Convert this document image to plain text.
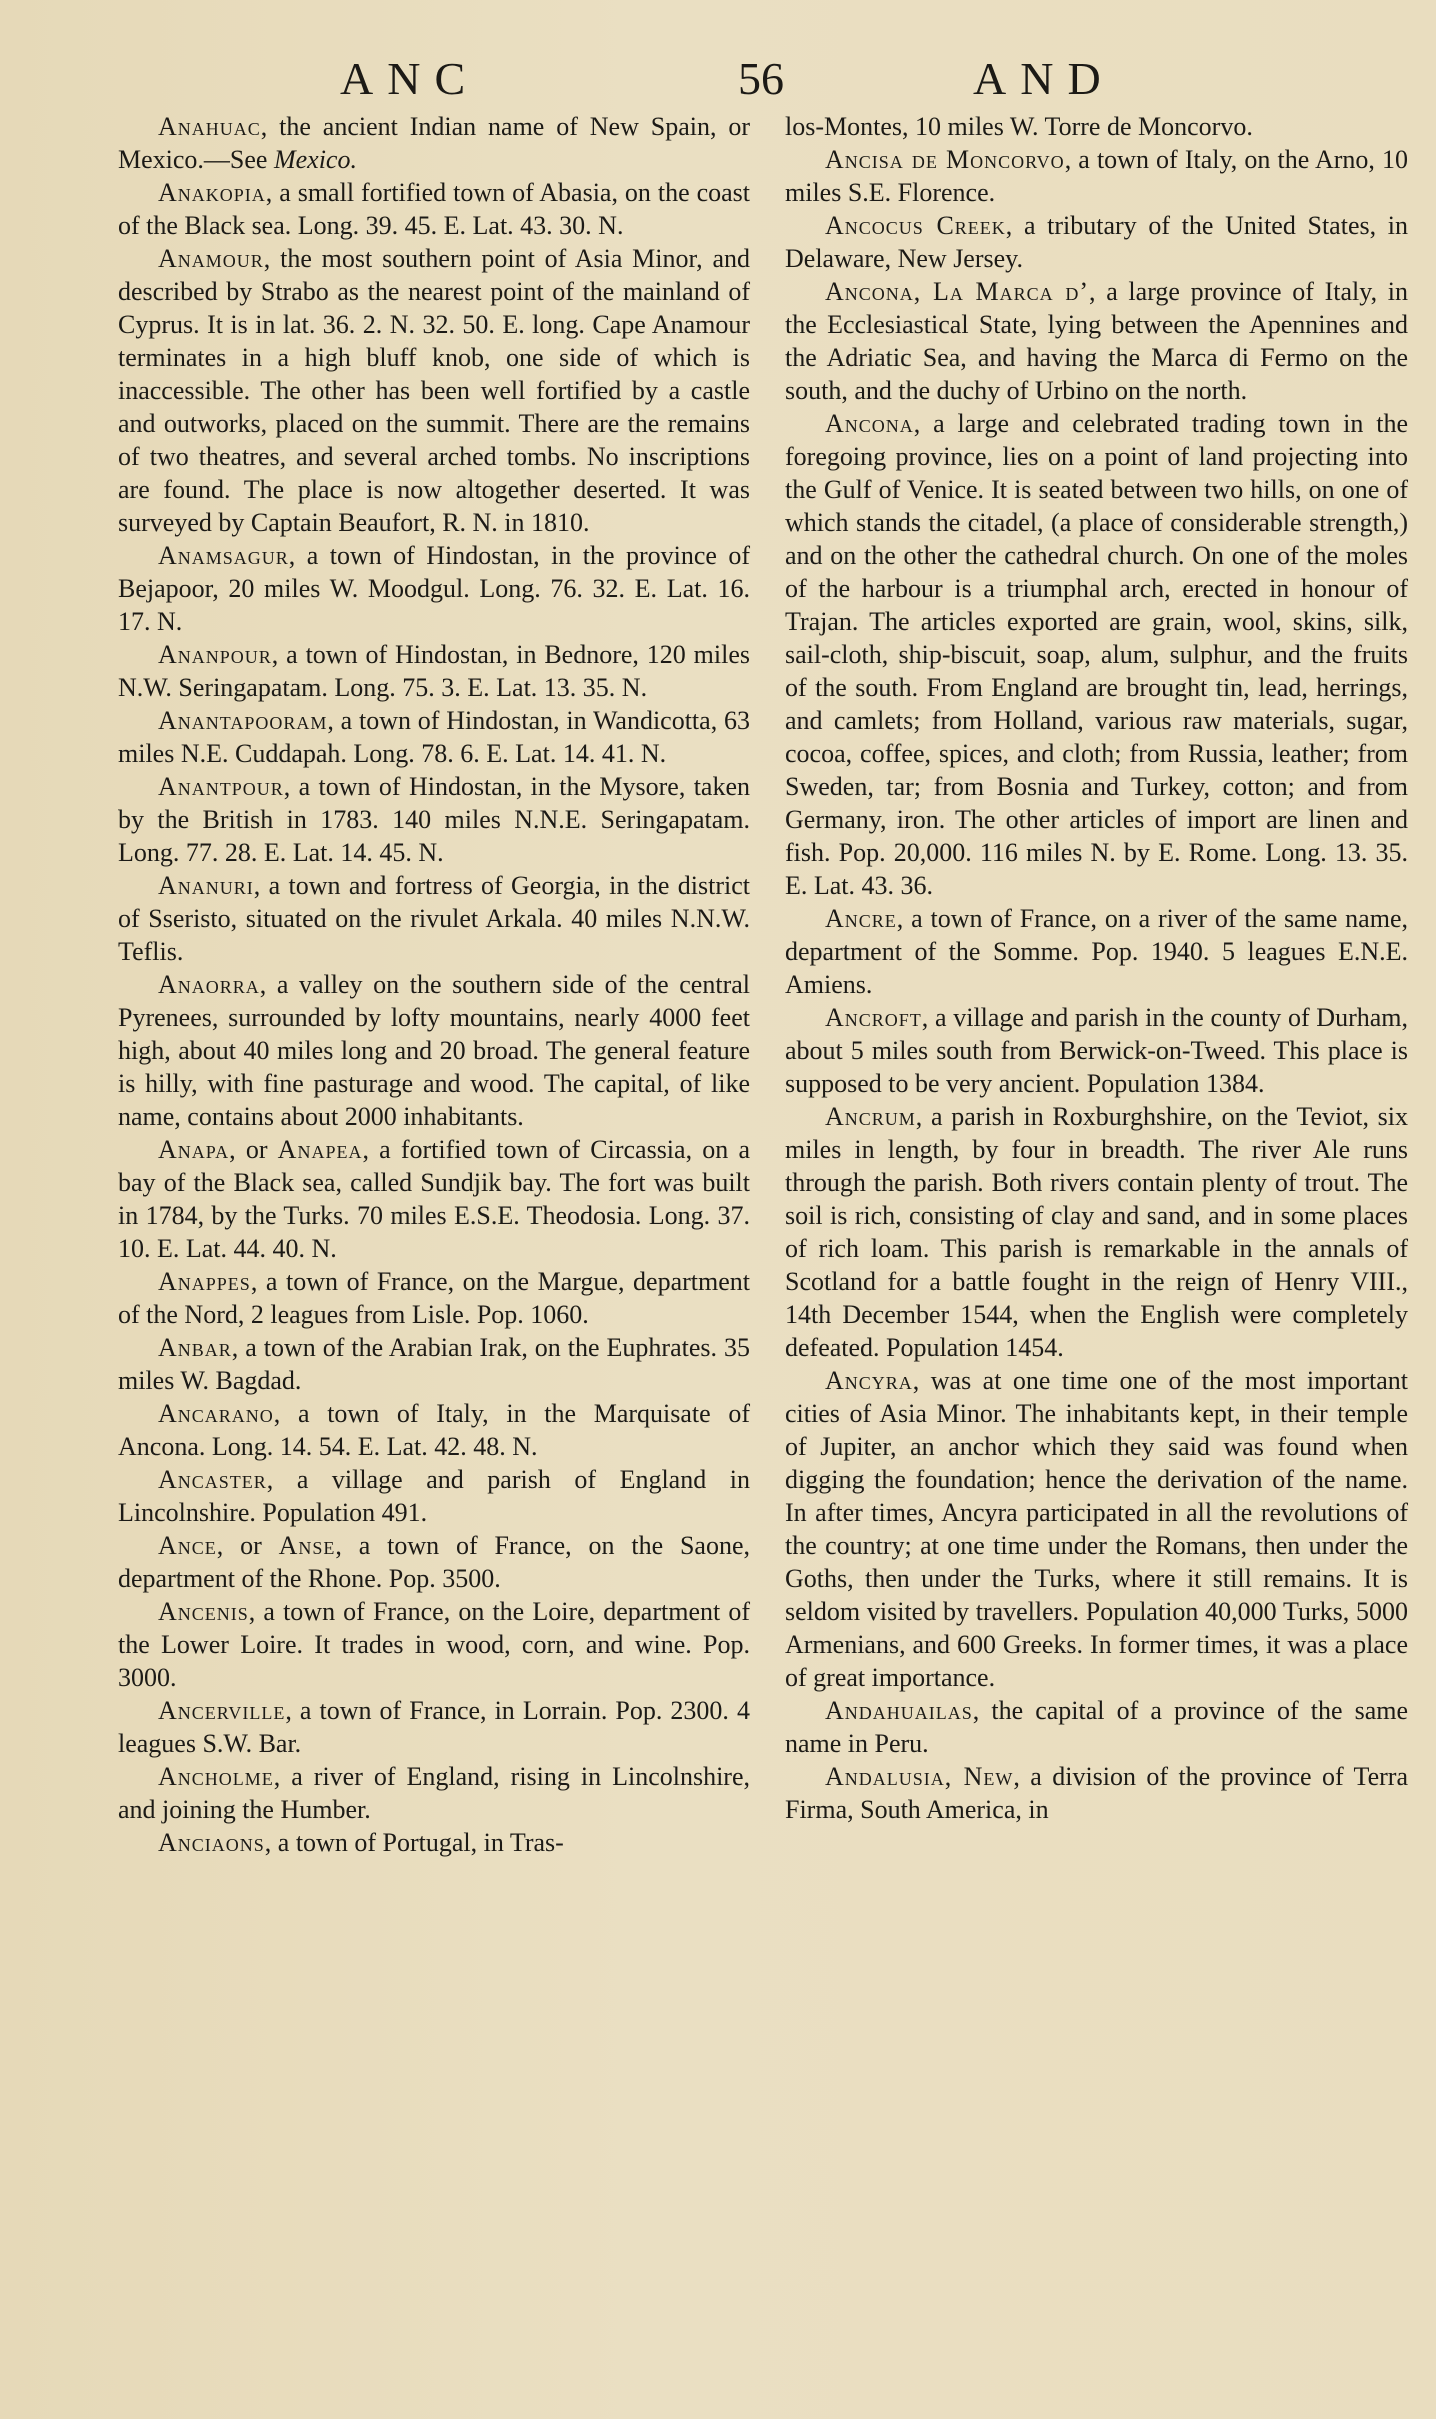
ANC	56	AND

Anahuac, the ancient Indian name of New Spain, or Mexico.—See Mexico.

Anakopia, a small fortified town of Abasia, on the coast of the Black sea. Long. 39. 45. E. Lat. 43. 30. N.

Anamour, the most southern point of Asia Minor, and described by Strabo as the nearest point of the mainland of Cyprus. It is in lat. 36. 2. N. 32. 50. E. long. Cape Anamour terminates in a high bluff knob, one side of which is inaccessible. The other has been well fortified by a castle and outworks, placed on the summit. There are the remains of two theatres, and several arched tombs. No inscriptions are found. The place is now altogether deserted. It was surveyed by Captain Beaufort, R. N. in 1810.

Anamsagur, a town of Hindostan, in the province of Bejapoor, 20 miles W. Moodgul. Long. 76. 32. E. Lat. 16. 17. N.

Ananpour, a town of Hindostan, in Bednore, 120 miles N.W. Seringapatam. Long. 75. 3. E. Lat. 13. 35. N.

Anantapooram, a town of Hindostan, in Wandicotta, 63 miles N.E. Cuddapah. Long. 78. 6. E. Lat. 14. 41. N.

Anantpour, a town of Hindostan, in the Mysore, taken by the British in 1783. 140 miles N.N.E. Seringapatam. Long. 77. 28. E. Lat. 14. 45. N.

Ananuri, a town and fortress of Georgia, in the district of Sseristo, situated on the rivulet Arkala. 40 miles N.N.W. Teflis.

Anaorra, a valley on the southern side of the central Pyrenees, surrounded by lofty mountains, nearly 4000 feet high, about 40 miles long and 20 broad. The general feature is hilly, with fine pasturage and wood. The capital, of like name, contains about 2000 inhabitants.

Anapa, or Anapea, a fortified town of Circassia, on a bay of the Black sea, called Sundjik bay. The fort was built in 1784, by the Turks. 70 miles E.S.E. Theodosia. Long. 37. 10. E. Lat. 44. 40. N.

Anappes, a town of France, on the Margue, department of the Nord, 2 leagues from Lisle. Pop. 1060.

Anbar, a town of the Arabian Irak, on the Euphrates. 35 miles W. Bagdad.

Ancarano, a town of Italy, in the Marquisate of Ancona. Long. 14. 54. E. Lat. 42. 48. N.

Ancaster, a village and parish of England in Lincolnshire. Population 491.

Ance, or Anse, a town of France, on the Saone, department of the Rhone. Pop. 3500.

Ancenis, a town of France, on the Loire, department of the Lower Loire. It trades in wood, corn, and wine. Pop. 3000.

Ancerville, a town of France, in Lorrain. Pop. 2300. 4 leagues S.W. Bar.

Ancholme, a river of England, rising in Lincolnshire, and joining the Humber.

Anciaons, a town of Portugal, in Tras-

los-Montes, 10 miles W. Torre de Moncorvo.

Ancisa de Moncorvo, a town of Italy, on the Arno, 10 miles S.E. Florence.

Ancocus Creek, a tributary of the United States, in Delaware, New Jersey.

Ancona, La Marca d’, a large province of Italy, in the Ecclesiastical State, lying between the Apennines and the Adriatic Sea, and having the Marca di Fermo on the south, and the duchy of Urbino on the north.

Ancona, a large and celebrated trading town in the foregoing province, lies on a point of land projecting into the Gulf of Venice. It is seated between two hills, on one of which stands the citadel, (a place of considerable strength,) and on the other the cathedral church. On one of the moles of the harbour is a triumphal arch, erected in honour of Trajan. The articles exported are grain, wool, skins, silk, sail-cloth, ship-biscuit, soap, alum, sulphur, and the fruits of the south. From England are brought tin, lead, herrings, and camlets; from Holland, various raw materials, sugar, cocoa, coffee, spices, and cloth; from Russia, leather; from Sweden, tar; from Bosnia and Turkey, cotton; and from Germany, iron. The other articles of import are linen and fish. Pop. 20,000. 116 miles N. by E. Rome. Long. 13. 35. E. Lat. 43. 36.

Ancre, a town of France, on a river of the same name, department of the Somme. Pop. 1940. 5 leagues E.N.E. Amiens.

Ancroft, a village and parish in the county of Durham, about 5 miles south from Berwick-on-Tweed. This place is supposed to be very ancient. Population 1384.

Ancrum, a parish in Roxburghshire, on the Teviot, six miles in length, by four in breadth. The river Ale runs through the parish. Both rivers contain plenty of trout. The soil is rich, consisting of clay and sand, and in some places of rich loam. This parish is remarkable in the annals of Scotland for a battle fought in the reign of Henry VIII., 14th December 1544, when the English were completely defeated. Population 1454.

Ancyra, was at one time one of the most important cities of Asia Minor. The inhabitants kept, in their temple of Jupiter, an anchor which they said was found when digging the foundation; hence the derivation of the name. In after times, Ancyra participated in all the revolutions of the country; at one time under the Romans, then under the Goths, then under the Turks, where it still remains. It is seldom visited by travellers. Population 40,000 Turks, 5000 Armenians, and 600 Greeks. In former times, it was a place of great importance.

Andahuailas, the capital of a province of the same name in Peru.

Andalusia, New, a division of the province of Terra Firma, South America, in
